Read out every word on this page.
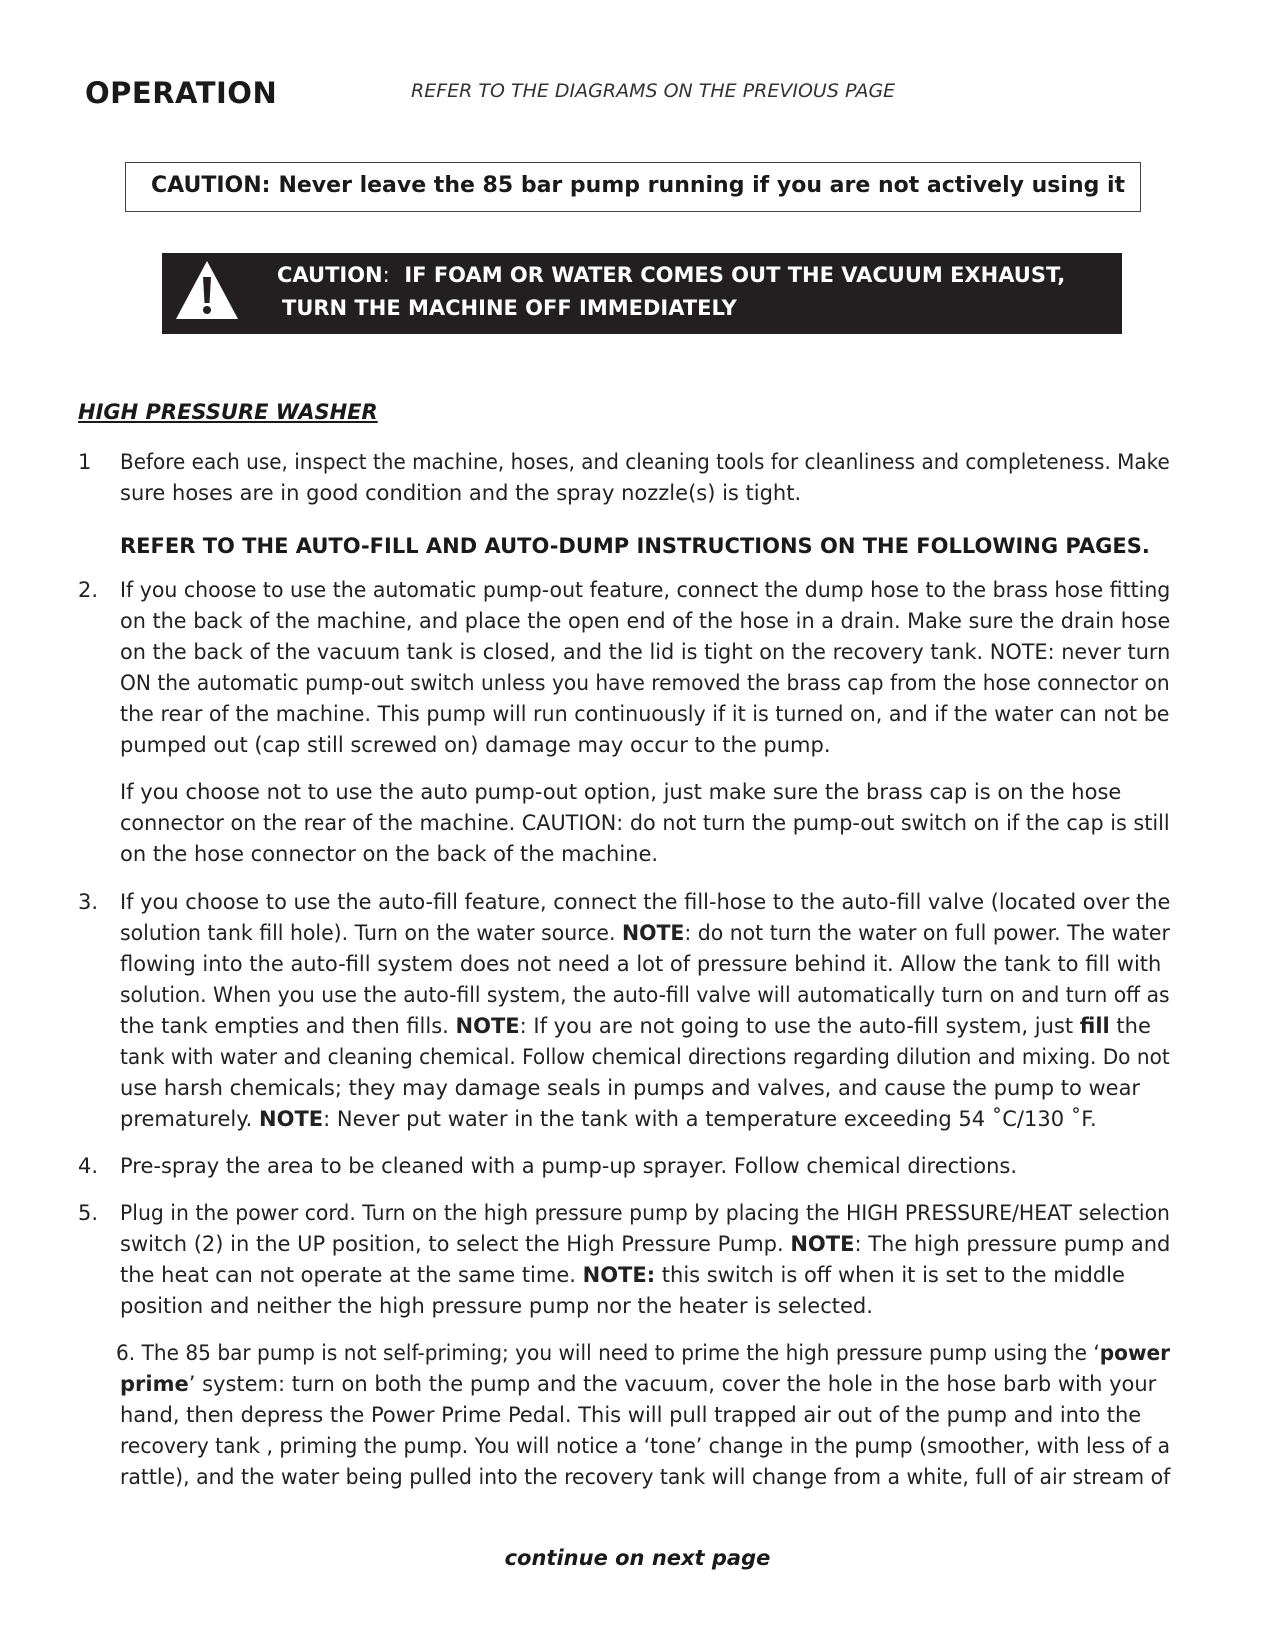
OPERATION	REFER TO THE DIAGRAMS ON THE PREVIOUS PAGE
CAUTION: Never leave the 85 bar pump running if you are not actively using it
CAUTION: IF FOAM OR WATER COMES OUT THE VACUUM EXHAUST,
TURN THE MACHINE OFF IMMEDIATELY
HIGH PRESSURE WASHER
1 Before each use, inspect the machine, hoses, and cleaning tools for cleanliness and completeness. Make
sure hoses are in good condition and the spray nozzle(s) is tight.
REFER TO THE AUTO-FILL AND AUTO-DUMP INSTRUCTIONS ON THE FOLLOWING PAGES.
2. If you choose to use the automatic pump-out feature, connect the dump hose to the brass hose fitting
on the back of the machine, and place the open end of the hose in a drain. Make sure the drain hose
on the back of the vacuum tank is closed, and the lid is tight on the recovery tank. NOTE: never turn
ON the automatic pump-out switch unless you have removed the brass cap from the hose connector on
the rear of the machine. This pump will run continuously if it is turned on, and if the water can not be
pumped out (cap still screwed on) damage may occur to the pump.
If you choose not to use the auto pump-out option, just make sure the brass cap is on the hose
connector on the rear of the machine. CAUTION: do not turn the pump-out switch on if the cap is still
on the hose connector on the back of the machine.
3. If you choose to use the auto-fill feature, connect the fill-hose to the auto-fill valve (located over the
solution tank fill hole). Turn on the water source. NOTE: do not turn the water on full power. The water
flowing into the auto-fill system does not need a lot of pressure behind it. Allow the tank to fill with
solution. When you use the auto-fill system, the auto-fill valve will automatically turn on and turn off as
the tank empties and then fills. NOTE: If you are not going to use the auto-fill system, just fill the
tank with water and cleaning chemical. Follow chemical directions regarding dilution and mixing. Do not
use harsh chemicals; they may damage seals in pumps and valves, and cause the pump to wear
prematurely. NOTE: Never put water in the tank with a temperature exceeding 54 ˚C/130 ˚F.
4. Pre-spray the area to be cleaned with a pump-up sprayer. Follow chemical directions.
5. Plug in the power cord. Turn on the high pressure pump by placing the HIGH PRESSURE/HEAT selection
switch (2) in the UP position, to select the High Pressure Pump. NOTE: The high pressure pump and
the heat can not operate at the same time. NOTE: this switch is off when it is set to the middle
position and neither the high pressure pump nor the heater is selected.
6. The 85 bar pump is not self-priming; you will need to prime the high pressure pump using the ‘power
prime’ system: turn on both the pump and the vacuum, cover the hole in the hose barb with your
hand, then depress the Power Prime Pedal. This will pull trapped air out of the pump and into the
recovery tank , priming the pump. You will notice a ‘tone’ change in the pump (smoother, with less of a
rattle), and the water being pulled into the recovery tank will change from a white, full of air stream of
continue on next page
